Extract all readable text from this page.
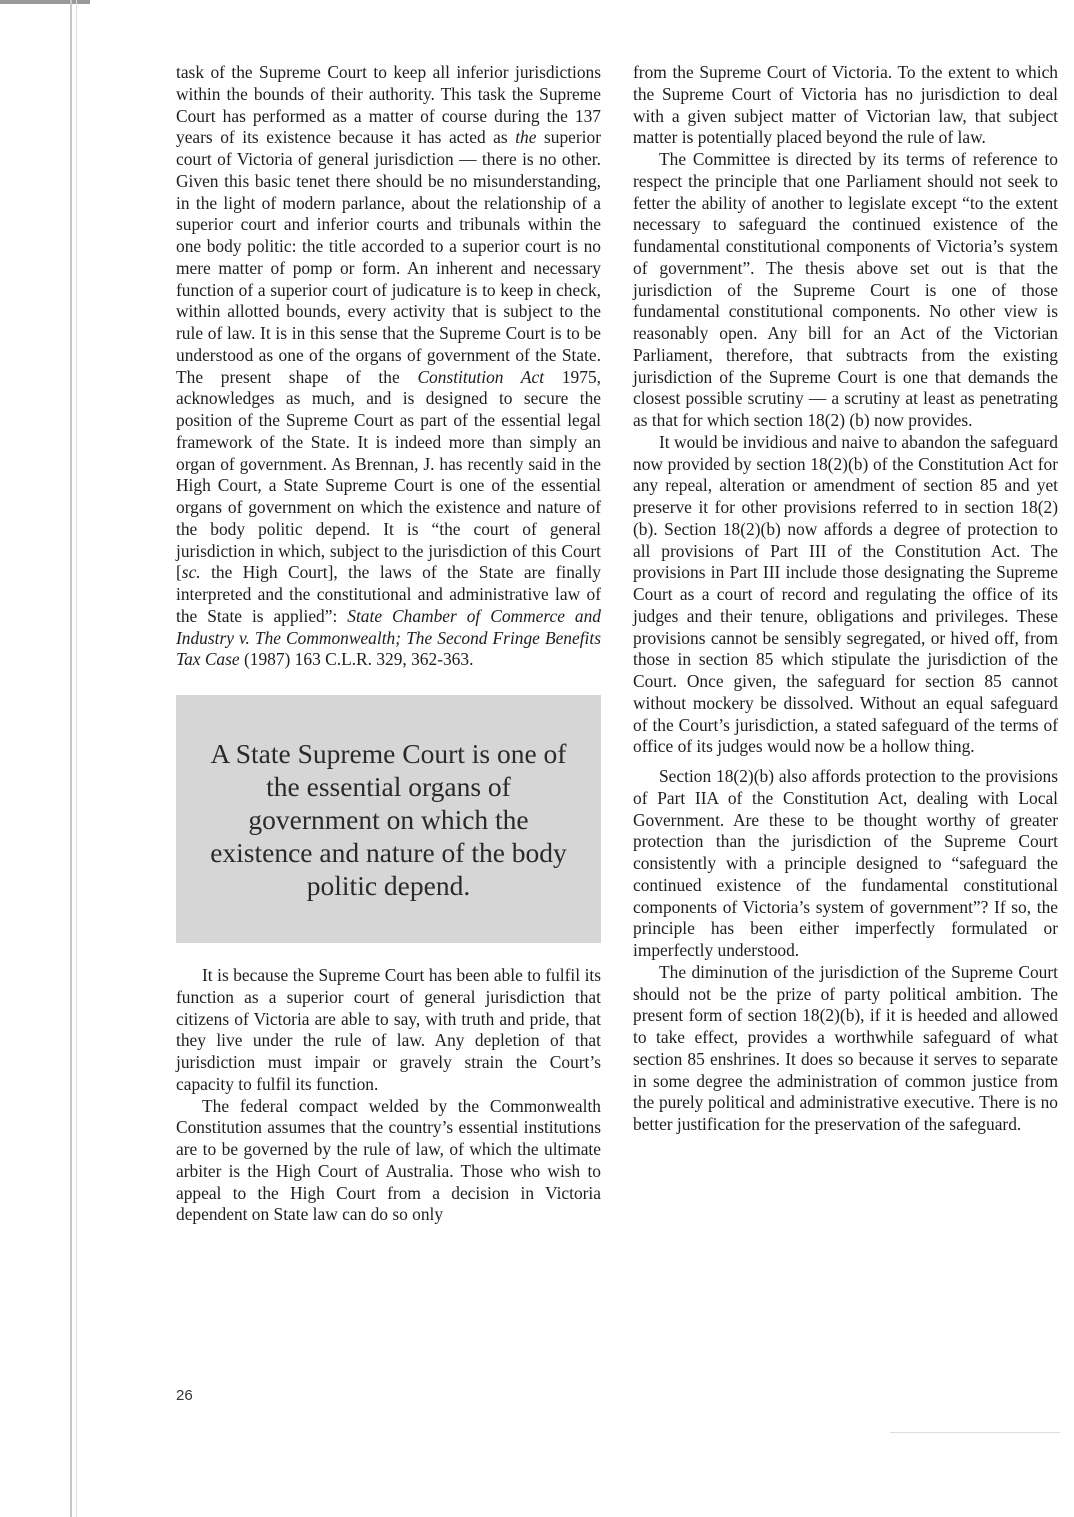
task of the Supreme Court to keep all inferior jurisdictions within the bounds of their authority. This task the Supreme Court has performed as a matter of course during the 137 years of its existence because it has acted as the superior court of Victoria of general jurisdiction — there is no other. Given this basic tenet there should be no misunderstanding, in the light of modern parlance, about the relationship of a superior court and inferior courts and tribunals within the one body politic: the title accorded to a superior court is no mere matter of pomp or form. An inherent and necessary function of a superior court of judicature is to keep in check, within allotted bounds, every activity that is subject to the rule of law. It is in this sense that the Supreme Court is to be understood as one of the organs of government of the State. The present shape of the Constitution Act 1975, acknowledges as much, and is designed to secure the position of the Supreme Court as part of the essential legal framework of the State. It is indeed more than simply an organ of government. As Brennan, J. has recently said in the High Court, a State Supreme Court is one of the essential organs of government on which the existence and nature of the body politic depend. It is “the court of general jurisdiction in which, subject to the jurisdiction of this Court [sc. the High Court], the laws of the State are finally interpreted and the constitutional and administrative law of the State is applied”: State Chamber of Commerce and Industry v. The Commonwealth; The Second Fringe Benefits Tax Case (1987) 163 C.L.R. 329, 362-363.

A State Supreme Court is one of the essential organs of government on which the existence and nature of the body politic depend.

It is because the Supreme Court has been able to fulfil its function as a superior court of general jurisdiction that citizens of Victoria are able to say, with truth and pride, that they live under the rule of law. Any depletion of that jurisdiction must impair or gravely strain the Court’s capacity to fulfil its function.

The federal compact welded by the Commonwealth Constitution assumes that the country’s essential institutions are to be governed by the rule of law, of which the ultimate arbiter is the High Court of Australia. Those who wish to appeal to the High Court from a decision in Victoria dependent on State law can do so only

from the Supreme Court of Victoria. To the extent to which the Supreme Court of Victoria has no jurisdiction to deal with a given subject matter of Victorian law, that subject matter is potentially placed beyond the rule of law.

The Committee is directed by its terms of reference to respect the principle that one Parliament should not seek to fetter the ability of another to legislate except “to the extent necessary to safeguard the continued existence of the fundamental constitutional components of Victoria’s system of government”. The thesis above set out is that the jurisdiction of the Supreme Court is one of those fundamental constitutional components. No other view is reasonably open. Any bill for an Act of the Victorian Parliament, therefore, that subtracts from the existing jurisdiction of the Supreme Court is one that demands the closest possible scrutiny — a scrutiny at least as penetrating as that for which section 18(2) (b) now provides.

It would be invidious and naive to abandon the safeguard now provided by section 18(2)(b) of the Constitution Act for any repeal, alteration or amendment of section 85 and yet preserve it for other provisions referred to in section 18(2)(b). Section 18(2)(b) now affords a degree of protection to all provisions of Part III of the Constitution Act. The provisions in Part III include those designating the Supreme Court as a court of record and regulating the office of its judges and their tenure, obligations and privileges. These provisions cannot be sensibly segregated, or hived off, from those in section 85 which stipulate the jurisdiction of the Court. Once given, the safeguard for section 85 cannot without mockery be dissolved. Without an equal safeguard of the Court’s jurisdiction, a stated safeguard of the terms of office of its judges would now be a hollow thing.

Section 18(2)(b) also affords protection to the provisions of Part IIA of the Constitution Act, dealing with Local Government. Are these to be thought worthy of greater protection than the jurisdiction of the Supreme Court consistently with a principle designed to “safeguard the continued existence of the fundamental constitutional components of Victoria’s system of government”? If so, the principle has been either imperfectly formulated or imperfectly understood.

The diminution of the jurisdiction of the Supreme Court should not be the prize of party political ambition. The present form of section 18(2)(b), if it is heeded and allowed to take effect, provides a worthwhile safeguard of what section 85 enshrines. It does so because it serves to separate in some degree the administration of common justice from the purely political and administrative executive. There is no better justification for the preservation of the safeguard.

26
